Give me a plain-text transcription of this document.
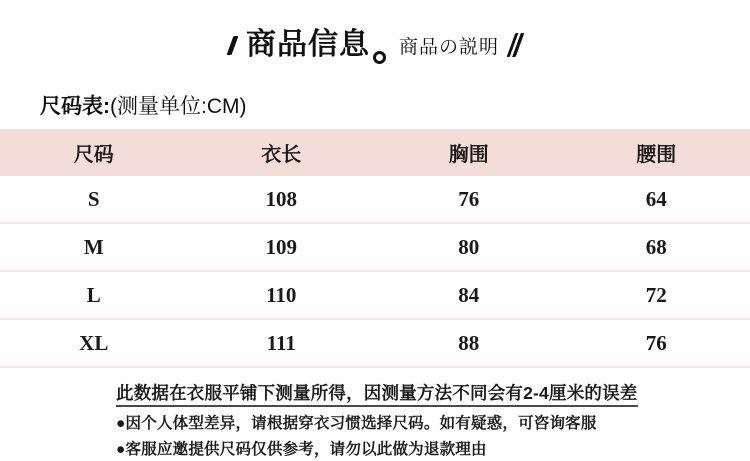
商品信息 商品の説明
尺码表:(测量单位:CM)
尺码	衣长	胸围	腰围
S	108	76	64
M	109	80	68
L	110	84	72
XL	111	88	76
此数据在衣服平铺下测量所得，因测量方法不同会有2-4厘米的误差
●因个人体型差异，请根据穿衣习惯选择尺码。如有疑惑，可咨询客服
●客服应邀提供尺码仅供参考，请勿以此做为退款理由
